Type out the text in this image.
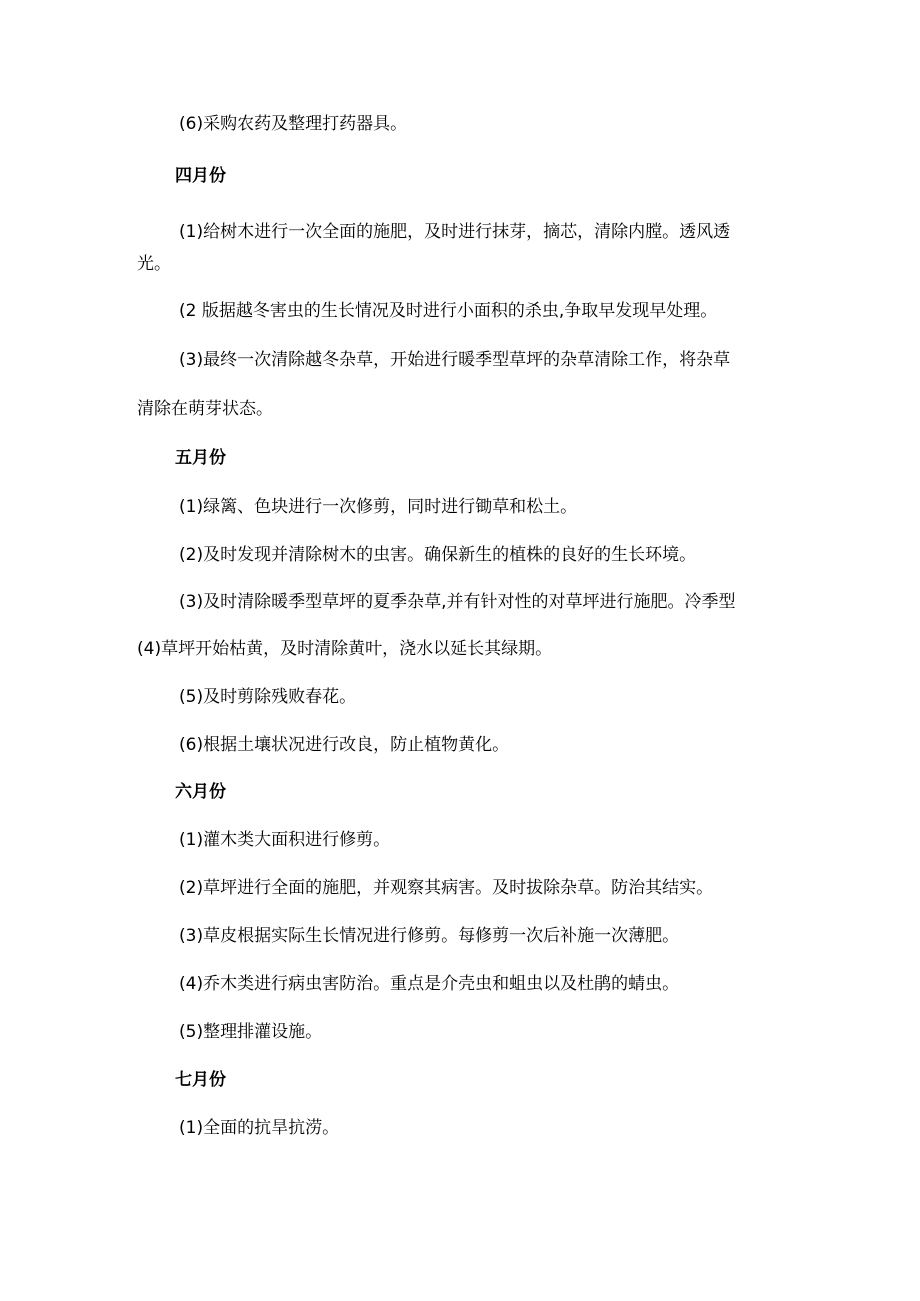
(6)采购农药及整理打药器具。
四月份
(1)给树木进行一次全面的施肥，及时进行抹芽，摘芯，清除内膛。透风透
光。
(2 版据越冬害虫的生长情况及时进行小面积的杀虫,争取早发现早处理。
(3)最终一次清除越冬杂草，开始进行暖季型草坪的杂草清除工作，将杂草
清除在萌芽状态。
五月份
(1)绿篱、色块进行一次修剪，同时进行锄草和松土。
(2)及时发现并清除树木的虫害。确保新生的植株的良好的生长环境。
(3)及时清除暖季型草坪的夏季杂草,并有针对性的对草坪进行施肥。冷季型
(4)草坪开始枯黄，及时清除黄叶，浇水以延长其绿期。
(5)及时剪除残败春花。
(6)根据土壤状况进行改良，防止植物黄化。
六月份
(1)灌木类大面积进行修剪。
(2)草坪进行全面的施肥，并观察其病害。及时拔除杂草。防治其结实。
(3)草皮根据实际生长情况进行修剪。每修剪一次后补施一次薄肥。
(4)乔木类进行病虫害防治。重点是介壳虫和蛆虫以及杜鹃的蜻虫。
(5)整理排灌设施。
七月份
(1)全面的抗旱抗涝。
